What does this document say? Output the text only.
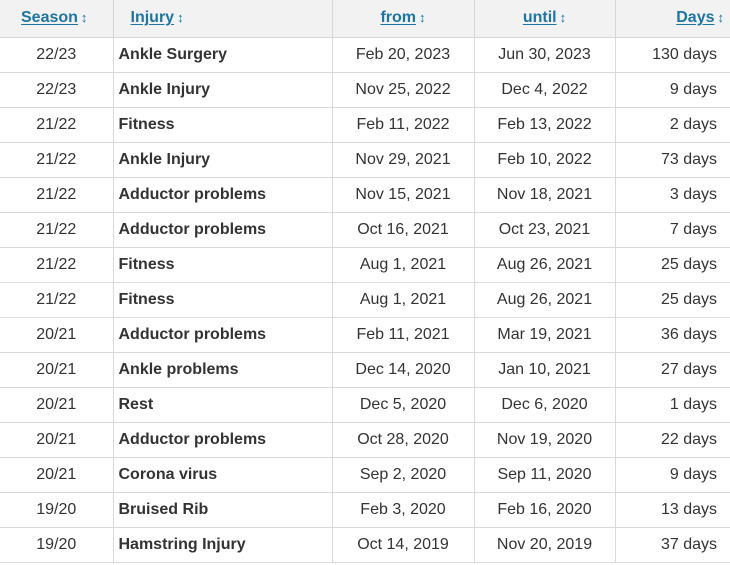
Season ↕	Injury ↕	from ↕	until ↕	Days ↕
22/23	Ankle Surgery	Feb 20, 2023	Jun 30, 2023	130 days
22/23	Ankle Injury	Nov 25, 2022	Dec 4, 2022	9 days
21/22	Fitness	Feb 11, 2022	Feb 13, 2022	2 days
21/22	Ankle Injury	Nov 29, 2021	Feb 10, 2022	73 days
21/22	Adductor problems	Nov 15, 2021	Nov 18, 2021	3 days
21/22	Adductor problems	Oct 16, 2021	Oct 23, 2021	7 days
21/22	Fitness	Aug 1, 2021	Aug 26, 2021	25 days
21/22	Fitness	Aug 1, 2021	Aug 26, 2021	25 days
20/21	Adductor problems	Feb 11, 2021	Mar 19, 2021	36 days
20/21	Ankle problems	Dec 14, 2020	Jan 10, 2021	27 days
20/21	Rest	Dec 5, 2020	Dec 6, 2020	1 days
20/21	Adductor problems	Oct 28, 2020	Nov 19, 2020	22 days
20/21	Corona virus	Sep 2, 2020	Sep 11, 2020	9 days
19/20	Bruised Rib	Feb 3, 2020	Feb 16, 2020	13 days
19/20	Hamstring Injury	Oct 14, 2019	Nov 20, 2019	37 days
